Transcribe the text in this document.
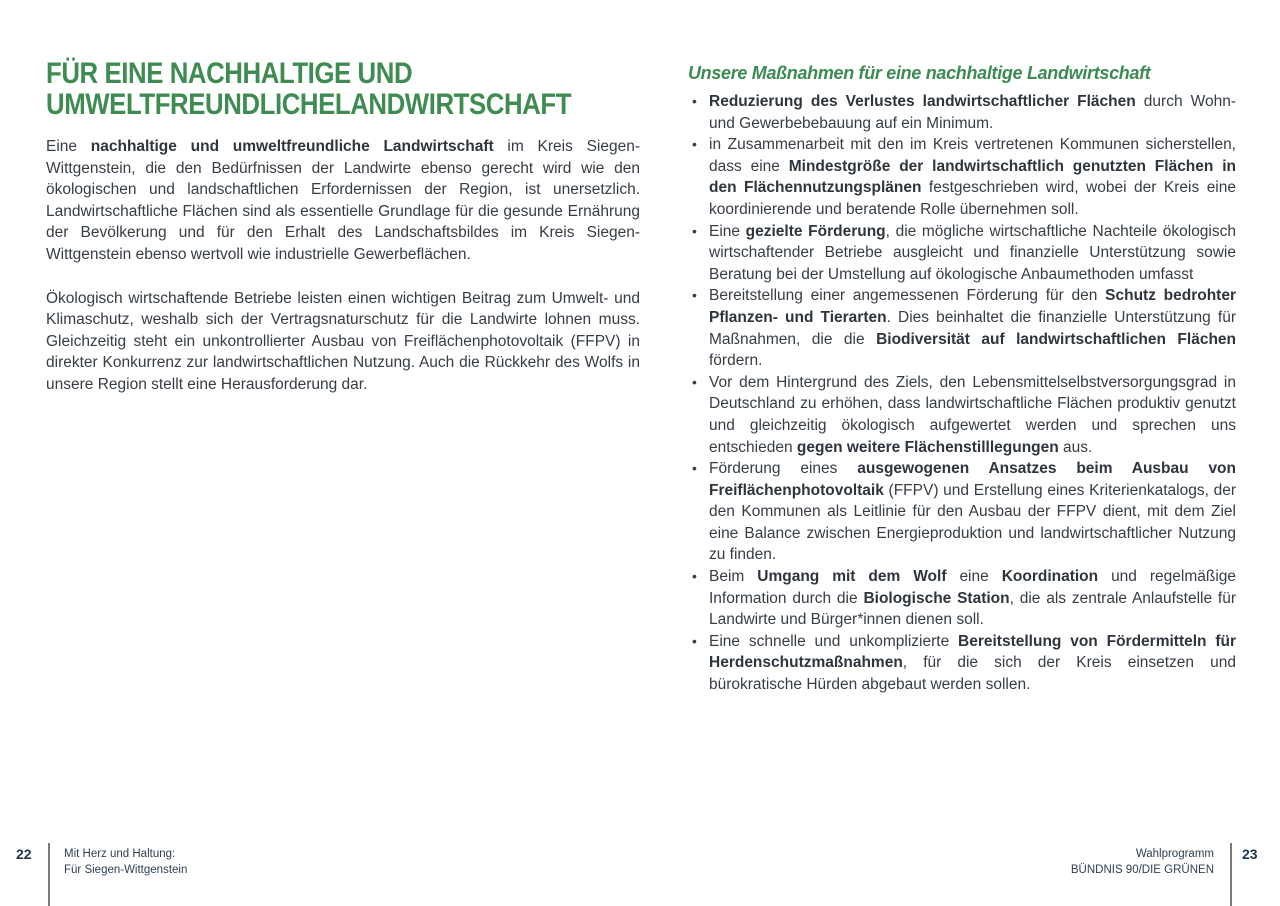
FÜR EINE NACHHALTIGE UND
UMWELTFREUNDLICHELANDWIRTSCHAFT

Eine nachhaltige und umweltfreundliche Landwirtschaft im Kreis Siegen-Wittgenstein, die den Bedürfnissen der Landwirte ebenso gerecht wird wie den ökologischen und landschaftlichen Erfordernissen der Region, ist unersetzlich. Landwirtschaftliche Flächen sind als essentielle Grundlage für die gesunde Ernährung der Bevölkerung und für den Erhalt des Landschaftsbildes im Kreis Siegen-Wittgenstein ebenso wertvoll wie industrielle Gewerbeflächen.

Ökologisch wirtschaftende Betriebe leisten einen wichtigen Beitrag zum Umwelt- und Klimaschutz, weshalb sich der Vertragsnaturschutz für die Landwirte lohnen muss. Gleichzeitig steht ein unkontrollierter Ausbau von Freiflächenphotovoltaik (FFPV) in direkter Konkurrenz zur landwirtschaftlichen Nutzung. Auch die Rückkehr des Wolfs in unsere Region stellt eine Herausforderung dar.

Unsere Maßnahmen für eine nachhaltige Landwirtschaft
• Reduzierung des Verlustes landwirtschaftlicher Flächen durch Wohn- und Gewerbebebauung auf ein Minimum.
• in Zusammenarbeit mit den im Kreis vertretenen Kommunen sicherstellen, dass eine Mindestgröße der landwirtschaftlich genutzten Flächen in den Flächennutzungsplänen festgeschrieben wird, wobei der Kreis eine koordinierende und beratende Rolle übernehmen soll.
• Eine gezielte Förderung, die mögliche wirtschaftliche Nachteile ökologisch wirtschaftender Betriebe ausgleicht und finanzielle Unterstützung sowie Beratung bei der Umstellung auf ökologische Anbaumethoden umfasst
• Bereitstellung einer angemessenen Förderung für den Schutz bedrohter Pflanzen- und Tierarten. Dies beinhaltet die finanzielle Unterstützung für Maßnahmen, die die Biodiversität auf landwirtschaftlichen Flächen fördern.
• Vor dem Hintergrund des Ziels, den Lebensmittelselbstversorgungsgrad in Deutschland zu erhöhen, dass landwirtschaftliche Flächen produktiv genutzt und gleichzeitig ökologisch aufgewertet werden und sprechen uns entschieden gegen weitere Flächenstilllegungen aus.
• Förderung eines ausgewogenen Ansatzes beim Ausbau von Freiflächenphotovoltaik (FFPV) und Erstellung eines Kriterienkatalogs, der den Kommunen als Leitlinie für den Ausbau der FFPV dient, mit dem Ziel eine Balance zwischen Energieproduktion und landwirtschaftlicher Nutzung zu finden.
• Beim Umgang mit dem Wolf eine Koordination und regelmäßige Information durch die Biologische Station, die als zentrale Anlaufstelle für Landwirte und Bürger*innen dienen soll.
• Eine schnelle und unkomplizierte Bereitstellung von Fördermitteln für Herdenschutzmaßnahmen, für die sich der Kreis einsetzen und bürokratische Hürden abgebaut werden sollen.
22	Mit Herz und Haltung:
Für Siegen-Wittgenstein
Wahlprogramm
BÜNDNIS 90/DIE GRÜNEN
23
